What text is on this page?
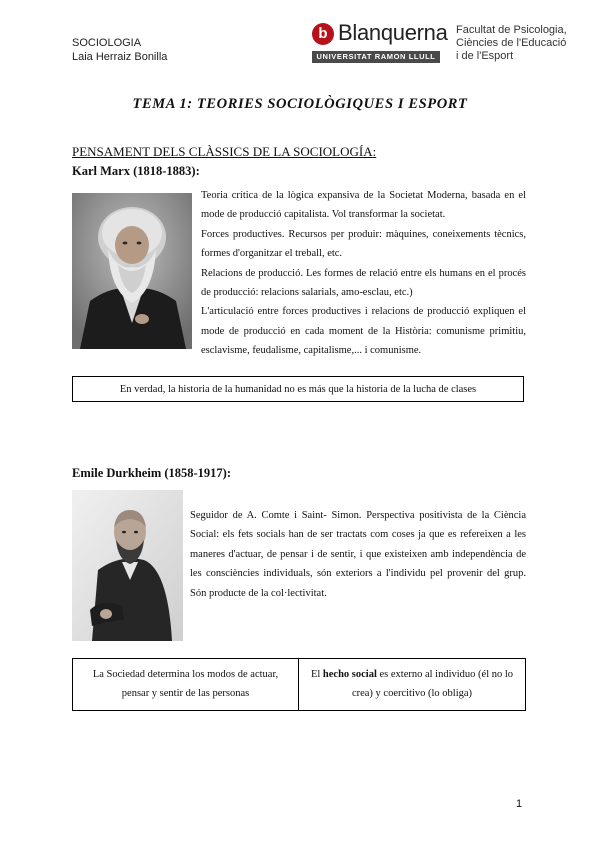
SOCIOLOGIA
Laia Herraiz Bonilla
b Blanquerna
UNIVERSITAT RAMON LLULL
Facultat de Psicologia,
Ciències de l'Educació
i de l'Esport
TEMA 1: TEORIES SOCIOLÒGIQUES I ESPORT
PENSAMENT DELS CLÀSSICS DE LA SOCIOLOGÍA:
Karl Marx (1818-1883):

Teoria crítica de la lògica expansiva de la Societat Moderna, basada en el mode de producció capitalista. Vol transformar la societat.

Forces productives. Recursos per produir: màquines, coneixements tècnics, formes d'organitzar el treball, etc.

Relacions de producció. Les formes de relació entre els humans en el procés de producció: relacions salarials, amo-esclau, etc.)

L'articulació entre forces productives i relacions de producció expliquen el mode de producció en cada moment de la Història: comunisme primitiu, esclavisme, feudalisme, capitalisme,... i comunisme.

En verdad, la historia de la humanidad no es más que la historia de la lucha de clases
Emile Durkheim (1858-1917):
Seguidor de A. Comte i Saint- Simon. Perspectiva positivista de la Ciència Social: els fets socials han de ser tractats com coses ja que es refereixen a les maneres d'actuar, de pensar i de sentir, i que existeixen amb independència de les consciències individuals, són exteriors a l'individu pel provenir del grup. Són producte de la col·lectivitat.
La Sociedad determina los modos de actuar, pensar y sentir de las personas
El hecho social es externo al individuo (él no lo crea) y coercitivo (lo obliga)
1
